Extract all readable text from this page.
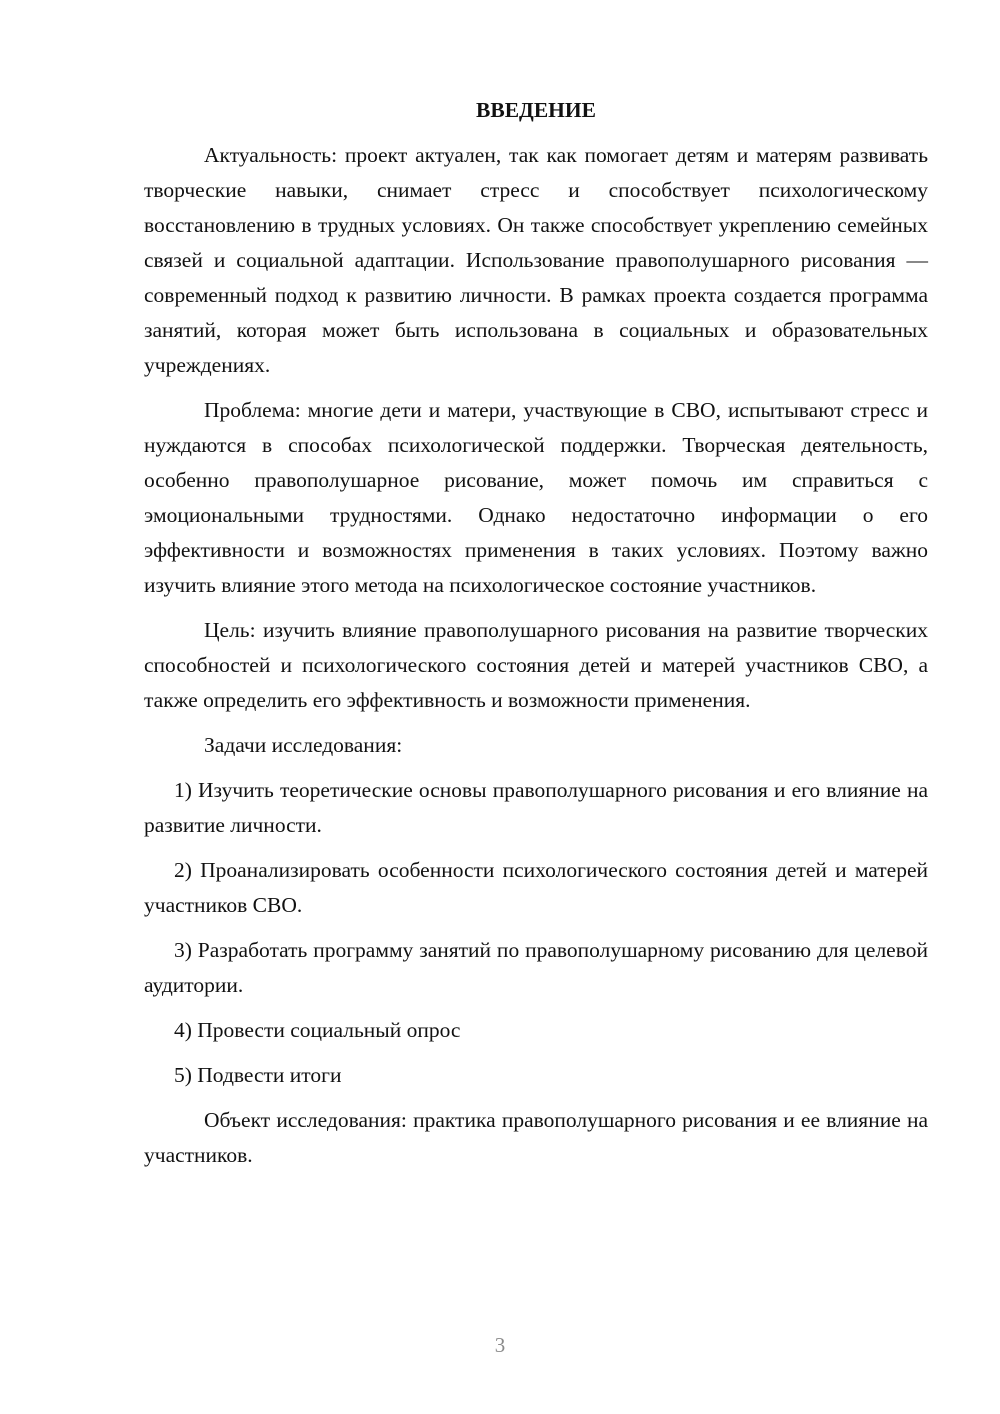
ВВЕДЕНИЕ

Актуальность: проект актуален, так как помогает детям и матерям развивать творческие навыки, снимает стресс и способствует психологическому восстановлению в трудных условиях. Он также способствует укреплению семейных связей и социальной адаптации. Использование правополушарного рисования — современный подход к развитию личности. В рамках проекта создается программа занятий, которая может быть использована в социальных и образовательных учреждениях.

Проблема: многие дети и матери, участвующие в СВО, испытывают стресс и нуждаются в способах психологической поддержки. Творческая деятельность, особенно правополушарное рисование, может помочь им справиться с эмоциональными трудностями. Однако недостаточно информации о его эффективности и возможностях применения в таких условиях. Поэтому важно изучить влияние этого метода на психологическое состояние участников.

Цель: изучить влияние правополушарного рисования на развитие творческих способностей и психологического состояния детей и матерей участников СВО, а также определить его эффективность и возможности применения.

Задачи исследования:

1) Изучить теоретические основы правополушарного рисования и его влияние на развитие личности.

2) Проанализировать особенности психологического состояния детей и матерей участников СВО.

3) Разработать программу занятий по правополушарному рисованию для целевой аудитории.

4) Провести социальный опрос

5) Подвести итоги

Объект исследования: практика правополушарного рисования и ее влияние на участников.

3
